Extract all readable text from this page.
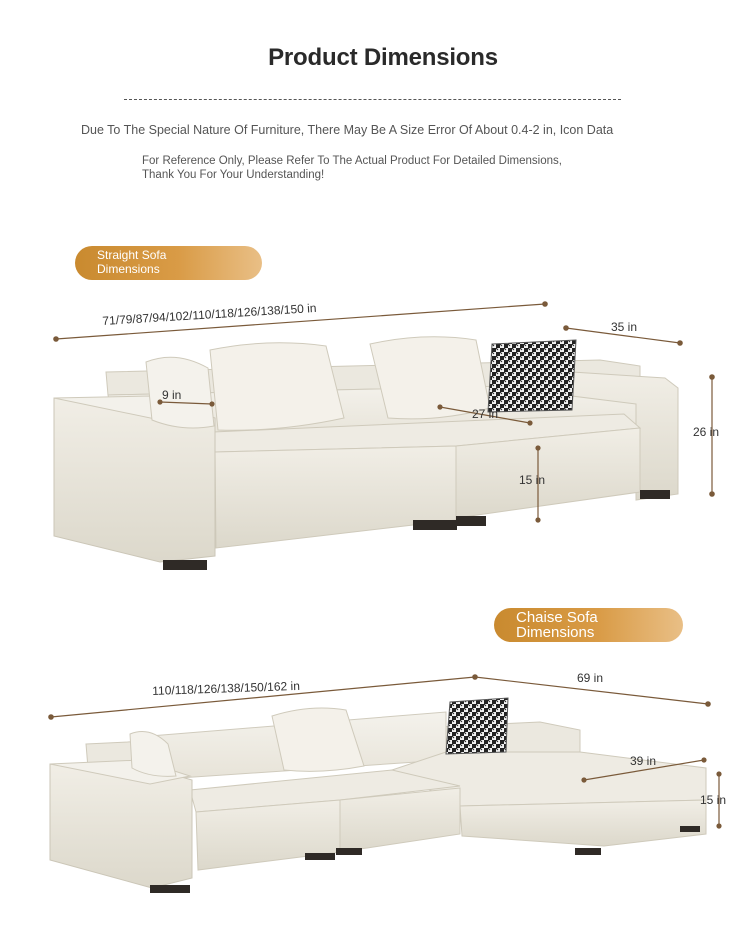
Product Dimensions
Due To The Special Nature Of Furniture, There May Be A Size Error Of About 0.4-2 in, Icon Data
For Reference Only, Please Refer To The Actual Product For Detailed Dimensions,
Thank You For Your Understanding!
Straight Sofa
Dimensions
Chaise Sofa
Dimensions
71/79/87/94/102/110/118/126/138/150 in	35 in
26 in
9 in
27 in
15 in
110/118/126/138/150/162 in
69 in
39 in
15 in
